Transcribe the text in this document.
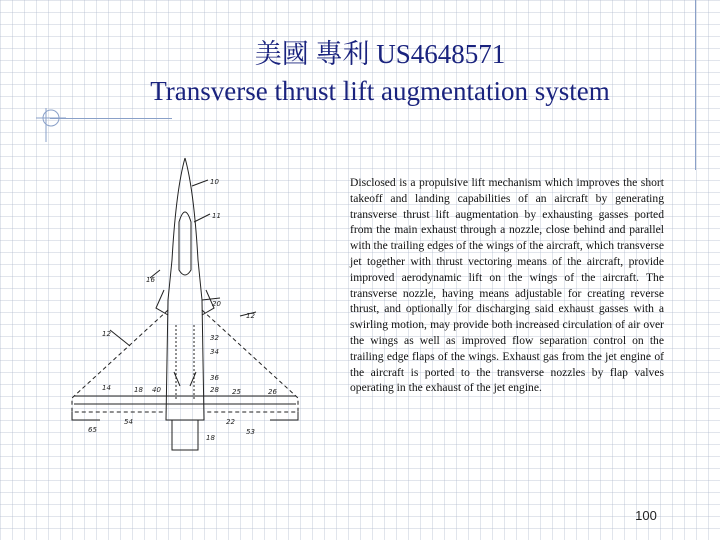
美國 專利 US4648571
Transverse thrust lift augmentation system
10
11
16
20
12
12
32
34
36
28
14	18 40	25	26
65
54	22
53
18
Disclosed is a propulsive lift mechanism which improves the short takeoff and landing capabilities of an aircraft by generating transverse thrust lift augmentation by exhausting gasses ported from the main exhaust through a nozzle, close behind and parallel with the trailing edges of the wings of the aircraft, which transverse jet together with thrust vectoring means of the aircraft, provide improved aerodynamic lift on the wings of the aircraft. The transverse nozzle, having means adjustable for creating reverse thrust, and optionally for discharging said exhaust gasses with a swirling motion, may provide both increased circulation of air over the wings as well as improved flow separation control on the trailing edge flaps of the wings. Exhaust gas from the jet engine of the aircraft is ported to the transverse nozzles by flap valves operating in the exhaust of the jet engine.
100
